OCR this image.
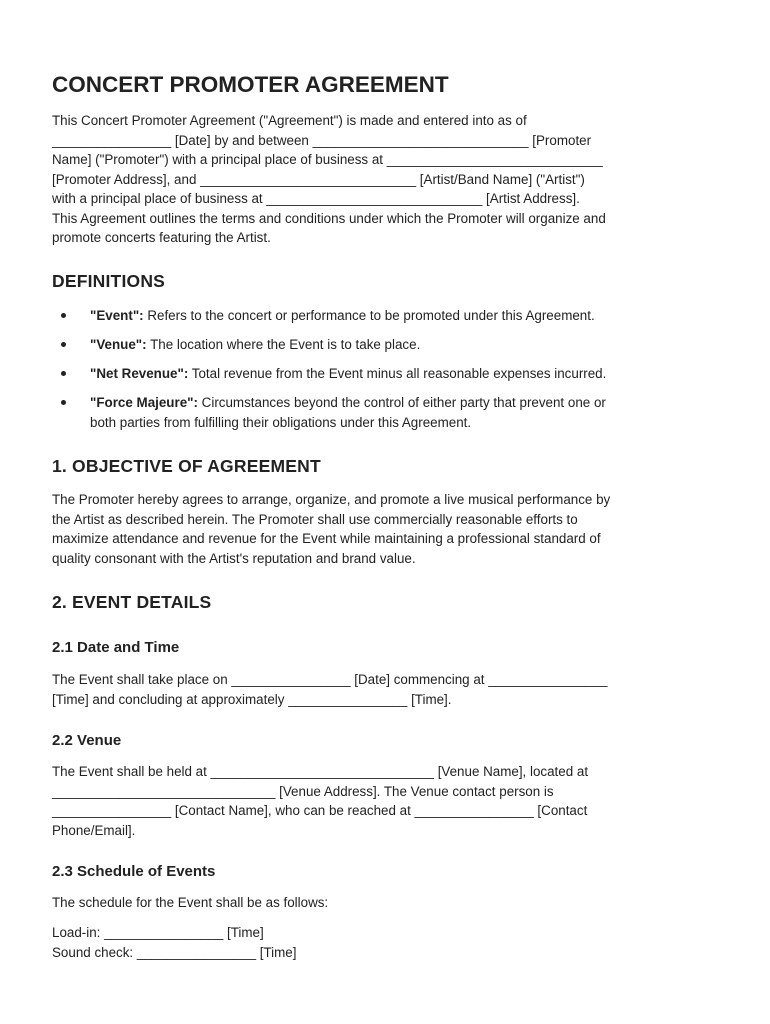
CONCERT PROMOTER AGREEMENT
This Concert Promoter Agreement ("Agreement") is made and entered into as of
________________ [Date] by and between _____________________________ [Promoter
Name] ("Promoter") with a principal place of business at _____________________________
[Promoter Address], and _____________________________ [Artist/Band Name] ("Artist")
with a principal place of business at _____________________________ [Artist Address].
This Agreement outlines the terms and conditions under which the Promoter will organize and
promote concerts featuring the Artist.
DEFINITIONS
"Event": Refers to the concert or performance to be promoted under this Agreement.
"Venue": The location where the Event is to take place.
"Net Revenue": Total revenue from the Event minus all reasonable expenses incurred.
"Force Majeure": Circumstances beyond the control of either party that prevent one or
both parties from fulfilling their obligations under this Agreement.
1. OBJECTIVE OF AGREEMENT
The Promoter hereby agrees to arrange, organize, and promote a live musical performance by
the Artist as described herein. The Promoter shall use commercially reasonable efforts to
maximize attendance and revenue for the Event while maintaining a professional standard of
quality consonant with the Artist's reputation and brand value.
2. EVENT DETAILS
2.1 Date and Time
The Event shall take place on ________________ [Date] commencing at ________________
[Time] and concluding at approximately ________________ [Time].
2.2 Venue
The Event shall be held at ______________________________ [Venue Name], located at
______________________________ [Venue Address]. The Venue contact person is
________________ [Contact Name], who can be reached at ________________ [Contact
Phone/Email].
2.3 Schedule of Events
The schedule for the Event shall be as follows:
Load-in: ________________ [Time]
Sound check: ________________ [Time]
